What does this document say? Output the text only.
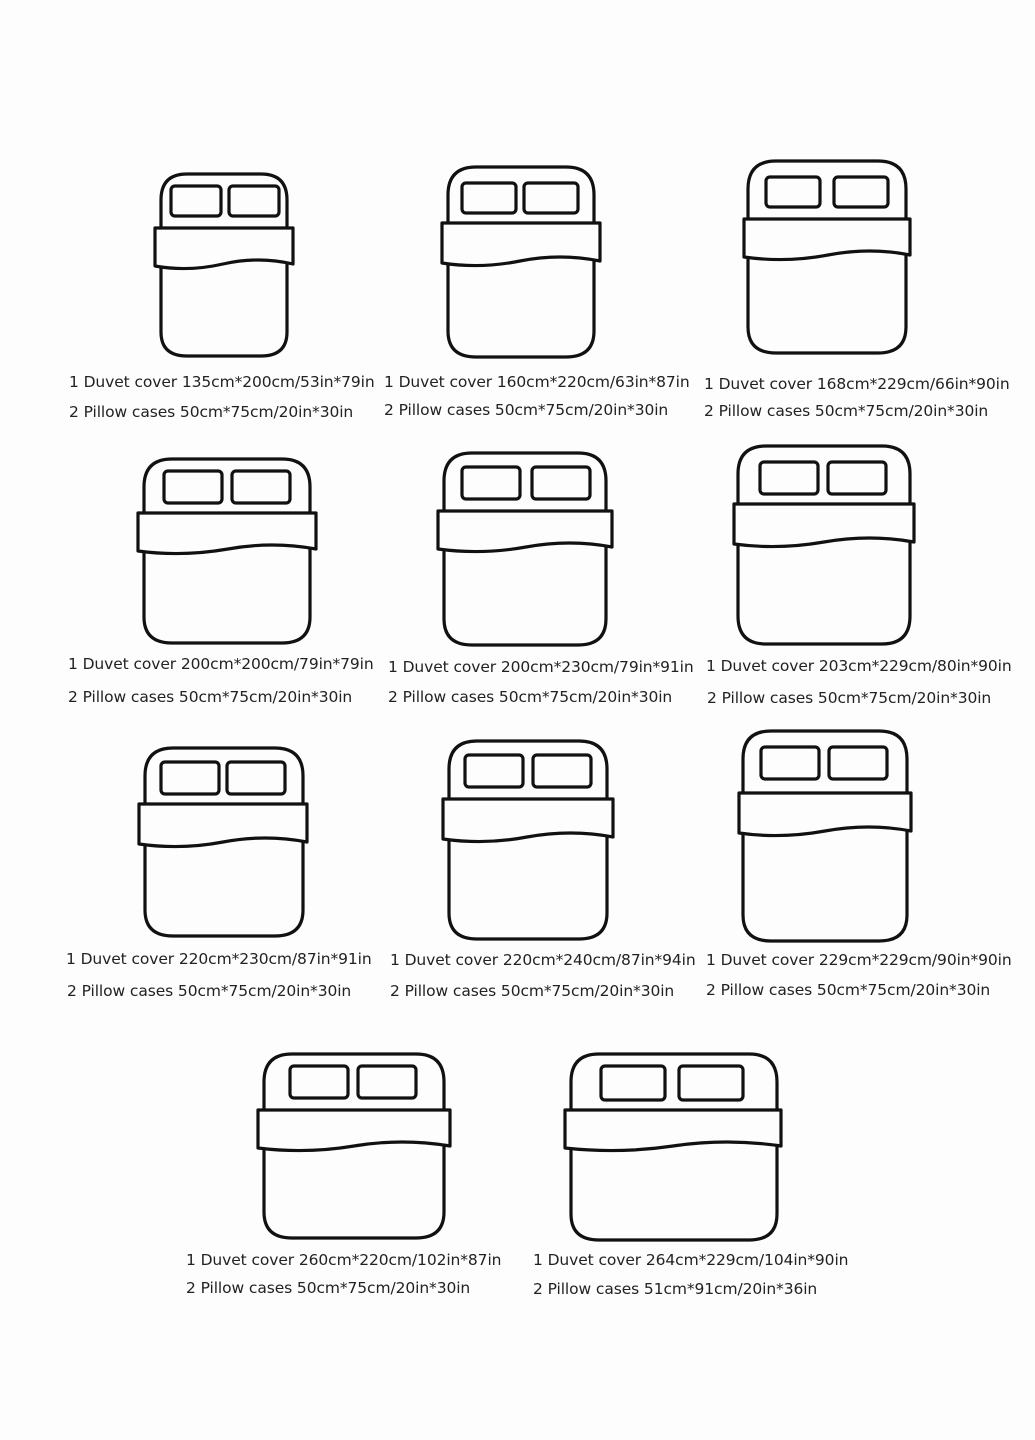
1 Duvet cover 135cm*200cm/53in*79in
2 Pillow cases 50cm*75cm/20in*30in
1 Duvet cover 160cm*220cm/63in*87in
2 Pillow cases 50cm*75cm/20in*30in
1 Duvet cover 168cm*229cm/66in*90in
2 Pillow cases 50cm*75cm/20in*30in
1 Duvet cover 200cm*200cm/79in*79in
2 Pillow cases 50cm*75cm/20in*30in
1 Duvet cover 200cm*230cm/79in*91in
2 Pillow cases 50cm*75cm/20in*30in
1 Duvet cover 203cm*229cm/80in*90in
2 Pillow cases 50cm*75cm/20in*30in
1 Duvet cover 220cm*230cm/87in*91in
2 Pillow cases 50cm*75cm/20in*30in
1 Duvet cover 220cm*240cm/87in*94in
2 Pillow cases 50cm*75cm/20in*30in
1 Duvet cover 229cm*229cm/90in*90in
2 Pillow cases 50cm*75cm/20in*30in
1 Duvet cover 260cm*220cm/102in*87in
2 Pillow cases 50cm*75cm/20in*30in
1 Duvet cover 264cm*229cm/104in*90in
2 Pillow cases 51cm*91cm/20in*36in
